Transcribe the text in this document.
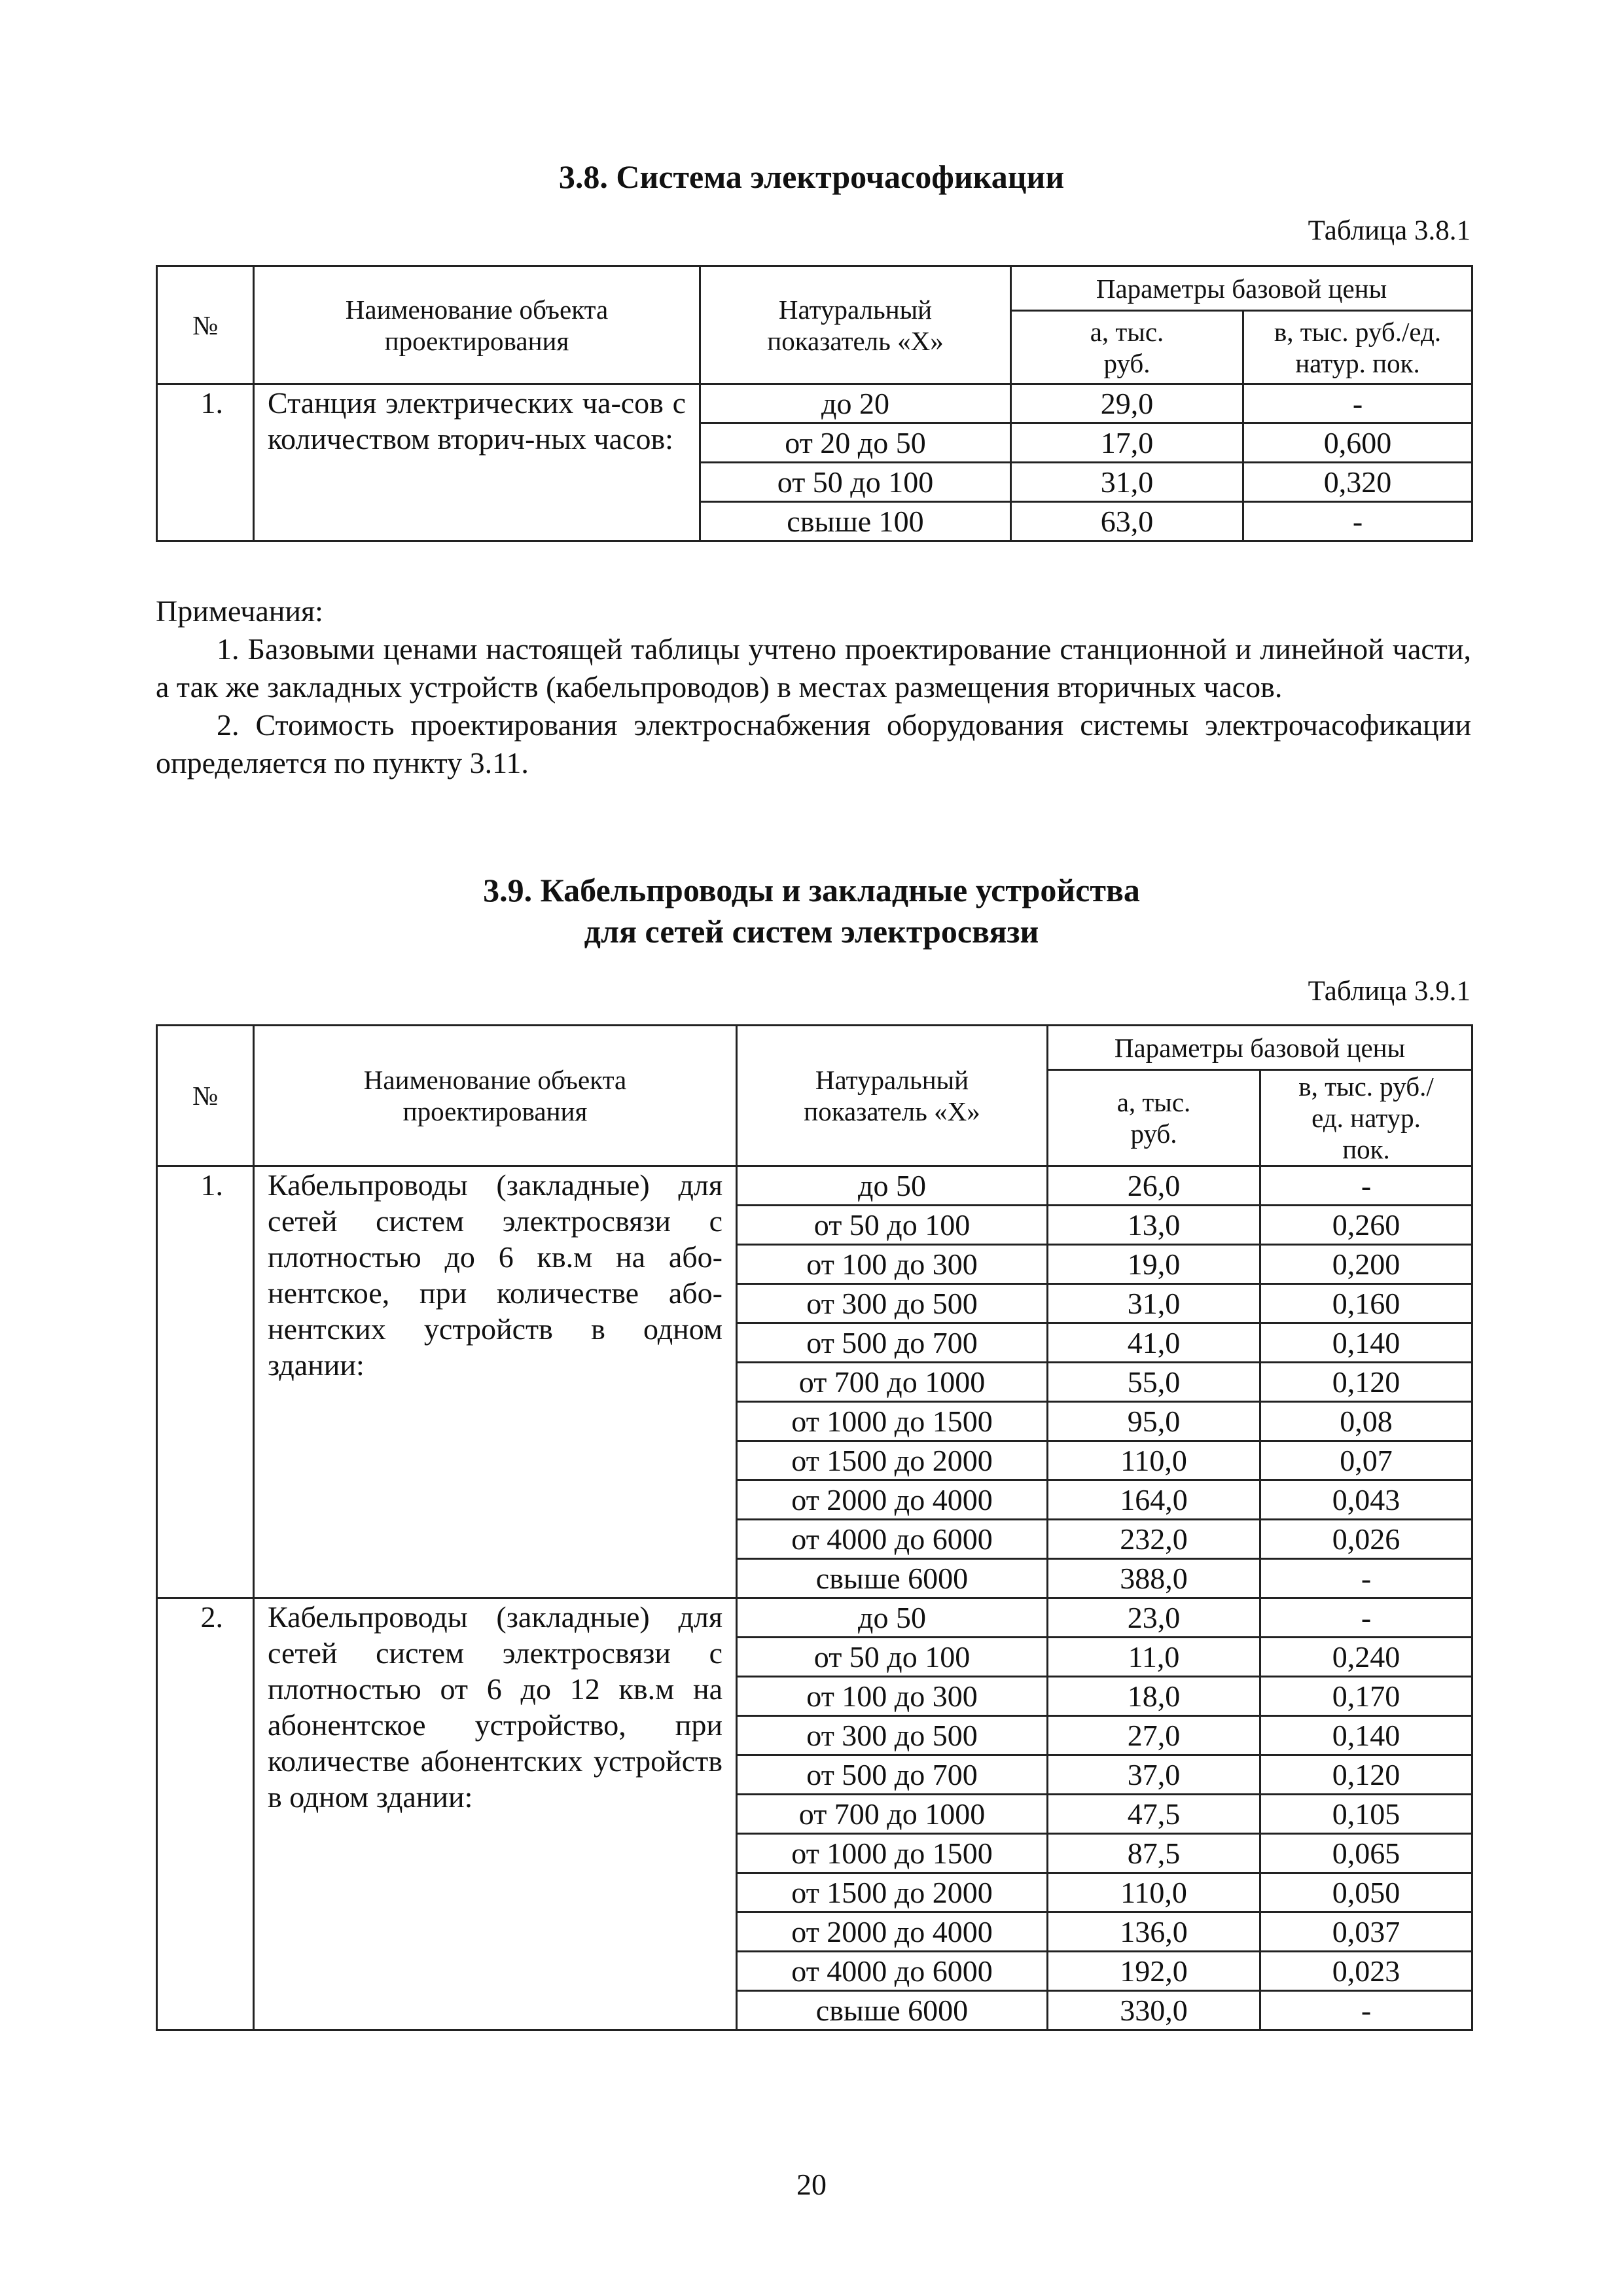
3.8. Система электрочасофикации
Таблица 3.8.1
№	Наименование объекта проектирования	Натуральный показатель «Х»	Параметры базовой цены	
			а, тыс. руб.	в, тыс. руб./ед. натур. пок.
1.	Станция электрических ча-сов с количеством вторич-ных часов:	до 20	29,0	-
		от 20 до 50	17,0	0,600
		от 50 до 100	31,0	0,320
		свыше 100	63,0	-

Примечания:

1. Базовыми ценами настоящей таблицы учтено проектирование станционной и линейной части, а так же закладных устройств (кабельпроводов) в местах размещения вторичных часов.

2. Стоимость проектирования электроснабжения оборудования системы электрочасофикации определяется по пункту 3.11.

3.9. Кабельпроводы и закладные устройства
для сетей систем электросвязи
Таблица 3.9.1
№	Наименование объекта проектирования	Натуральный показатель «Х»	Параметры базовой цены	
			а, тыс. руб.	в, тыс. руб./ед. натур. пок.
1.	Кабельпроводы (закладные) для сетей систем электросвязи с плотностью до 6 кв.м на абонентское, при количестве абонентских устройств в одном здании:	до 50	26,0	-
		от 50 до 100	13,0	0,260
		от 100 до 300	19,0	0,200
		от 300 до 500	31,0	0,160
		от 500 до 700	41,0	0,140
		от 700 до 1000	55,0	0,120
		от 1000 до 1500	95,0	0,08
		от 1500 до 2000	110,0	0,07
		от 2000 до 4000	164,0	0,043
		от 4000 до 6000	232,0	0,026
		свыше 6000	388,0	-
2.	Кабельпроводы (закладные) для сетей систем электросвязи с плотностью от 6 до 12 кв.м на абонентское устройство, при количестве абонентских устройств в одном здании:	до 50	23,0	-
		от 50 до 100	11,0	0,240
		от 100 до 300	18,0	0,170
		от 300 до 500	27,0	0,140
		от 500 до 700	37,0	0,120
		от 700 до 1000	47,5	0,105
		от 1000 до 1500	87,5	0,065
		от 1500 до 2000	110,0	0,050
		от 2000 до 4000	136,0	0,037
		от 4000 до 6000	192,0	0,023
		свыше 6000	330,0	-
20
